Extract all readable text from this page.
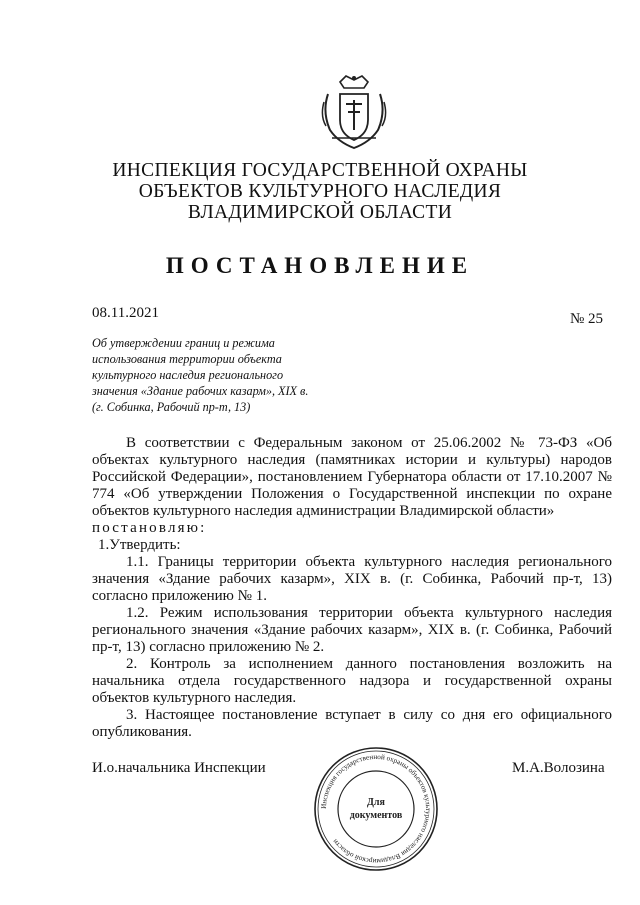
ИНСПЕКЦИЯ ГОСУДАРСТВЕННОЙ ОХРАНЫ
ОБЪЕКТОВ КУЛЬТУРНОГО НАСЛЕДИЯ
ВЛАДИМИРСКОЙ ОБЛАСТИ
ПОСТАНОВЛЕНИЕ
08.11.2021	№ 25
Об утверждении границ и режима использования территории объекта культурного наследия регионального значения «Здание рабочих казарм», XIX в. (г. Собинка, Рабочий пр-т, 13)

В соответствии с Федеральным законом от 25.06.2002 № 73-ФЗ «Об объектах культурного наследия (памятниках истории и культуры) народов Российской Федерации», постановлением Губернатора области от 17.10.2007 № 774 «Об утверждении Положения о Государственной инспекции по охране объектов культурного наследия администрации Владимирской области»

постановляю:

1.Утвердить:

1.1. Границы территории объекта культурного наследия регионального значения «Здание рабочих казарм», XIX в. (г. Собинка, Рабочий пр-т, 13) согласно приложению № 1.

1.2. Режим использования территории объекта культурного наследия регионального значения «Здание рабочих казарм», XIX в. (г. Собинка, Рабочий пр-т, 13) согласно приложению № 2.

2. Контроль за исполнением данного постановления возложить на начальника отдела государственного надзора и государственной охраны объектов культурного наследия.

3. Настоящее постановление вступает в силу со дня его официального опубликования.

И.о.начальника Инспекции	М.А.Волозина
Инспекция государственной охраны объектов культурного наследия Владимирской области
Для
документов
